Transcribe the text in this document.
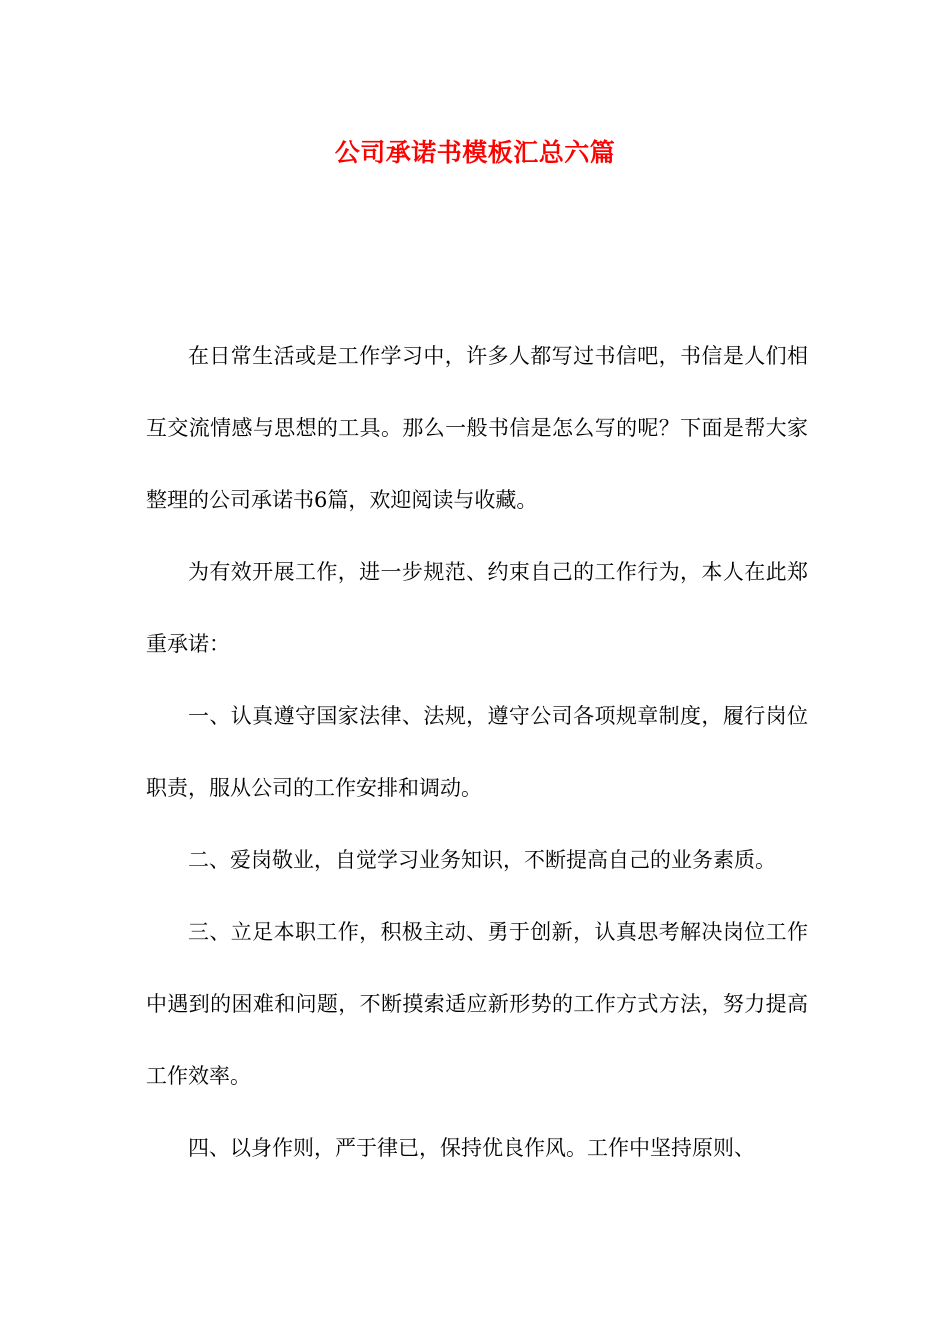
公司承诺书模板汇总六篇

在日常生活或是工作学习中，许多人都写过书信吧，书信是人们相互交流情感与思想的工具。那么一般书信是怎么写的呢？下面是帮大家整理的公司承诺书6篇，欢迎阅读与收藏。

为有效开展工作，进一步规范、约束自己的工作行为，本人在此郑重承诺：

一、认真遵守国家法律、法规，遵守公司各项规章制度，履行岗位职责，服从公司的工作安排和调动。

二、爱岗敬业，自觉学习业务知识，不断提高自己的业务素质。

三、立足本职工作，积极主动、勇于创新，认真思考解决岗位工作中遇到的困难和问题，不断摸索适应新形势的工作方式方法，努力提高工作效率。

四、以身作则，严于律已，保持优良作风。工作中坚持原则、
